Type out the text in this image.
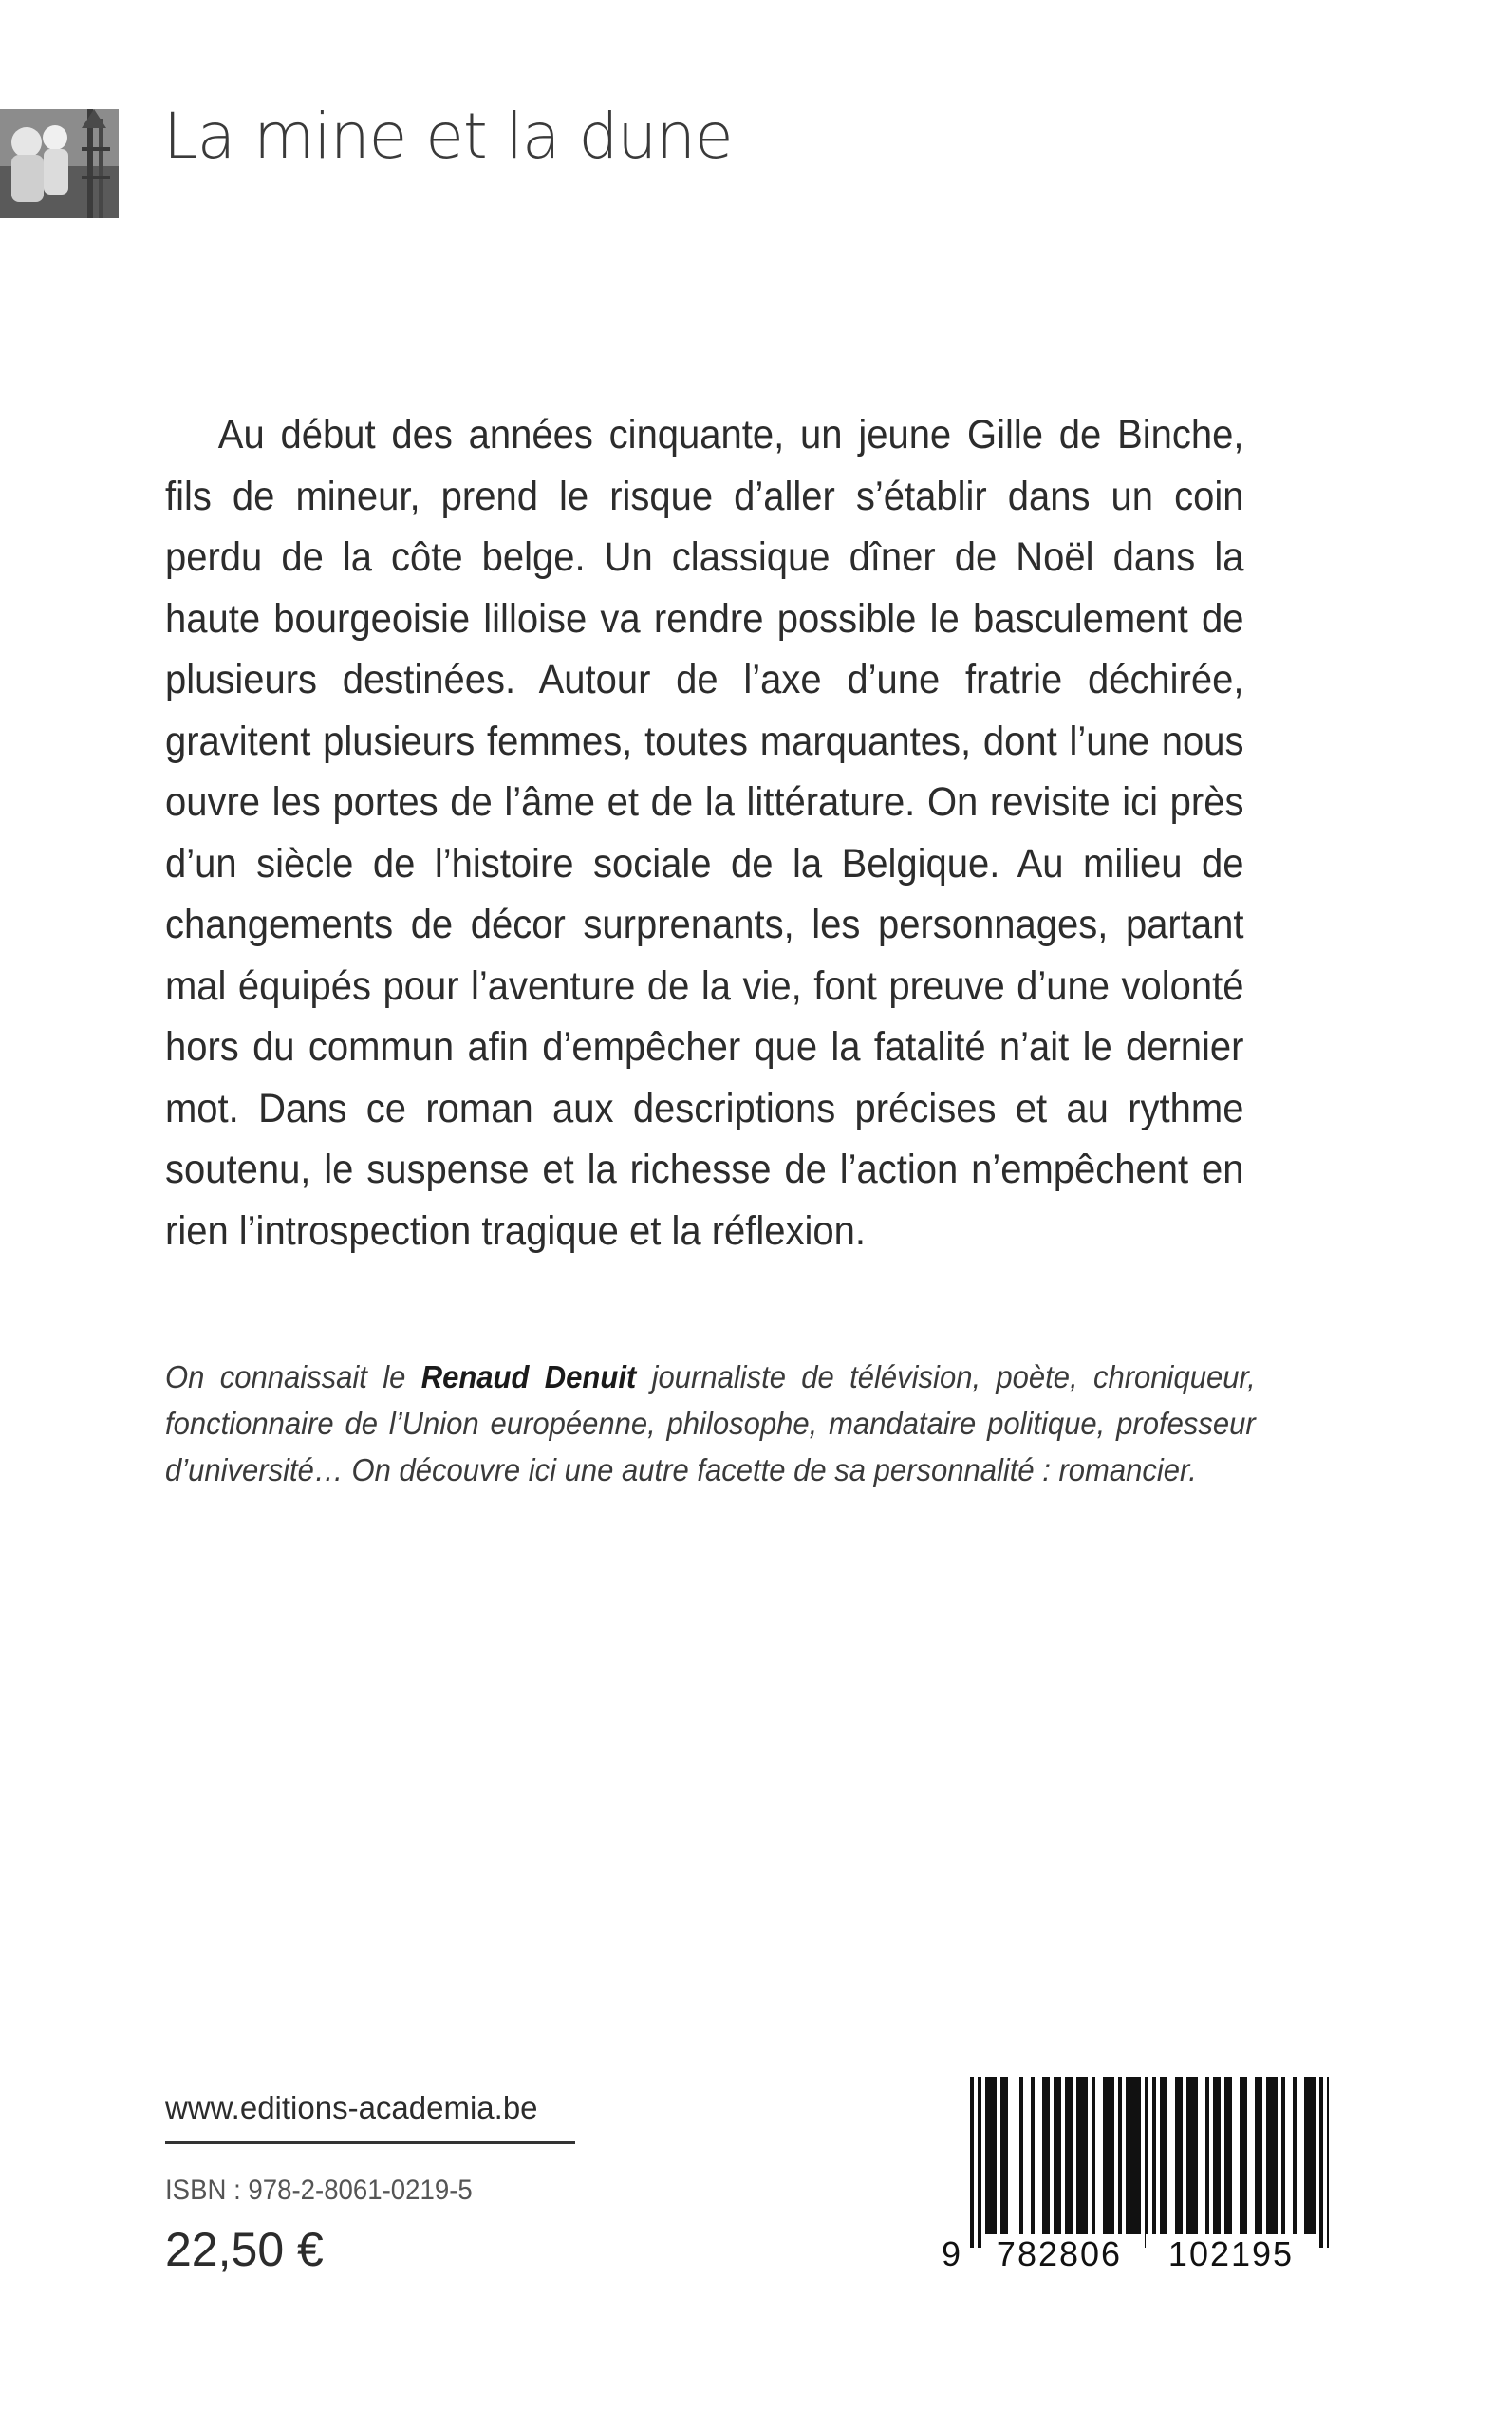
La mine et la dune

Au début des années cinquante, un jeune Gille de Binche, fils de mineur, prend le risque d’aller s’établir dans un coin perdu de la côte belge. Un classique dîner de Noël dans la haute bourgeoisie lilloise va rendre possible le basculement de plusieurs destinées. Autour de l’axe d’une fratrie déchirée, gravitent plusieurs femmes, toutes marquantes, dont l’une nous ouvre les portes de l’âme et de la littérature. On revisite ici près d’un siècle de l’histoire sociale de la Belgique. Au milieu de changements de décor surprenants, les personnages, partant mal équipés pour l’aventure de la vie, font preuve d’une volonté hors du commun afin d’empêcher que la fatalité n’ait le dernier mot. Dans ce roman aux descriptions précises et au rythme soutenu, le suspense et la richesse de l’action n’empêchent en rien l’introspection tragique et la réflexion.

On connaissait le Renaud Denuit journaliste de télévision, poète, chroniqueur, fonctionnaire de l’Union européenne, philosophe, mandataire politique, professeur d’université… On découvre ici une autre facette de sa personnalité : romancier.

www.editions-academia.be

ISBN : 978-2-8061-0219-5

22,50 €	9	782806	102195
